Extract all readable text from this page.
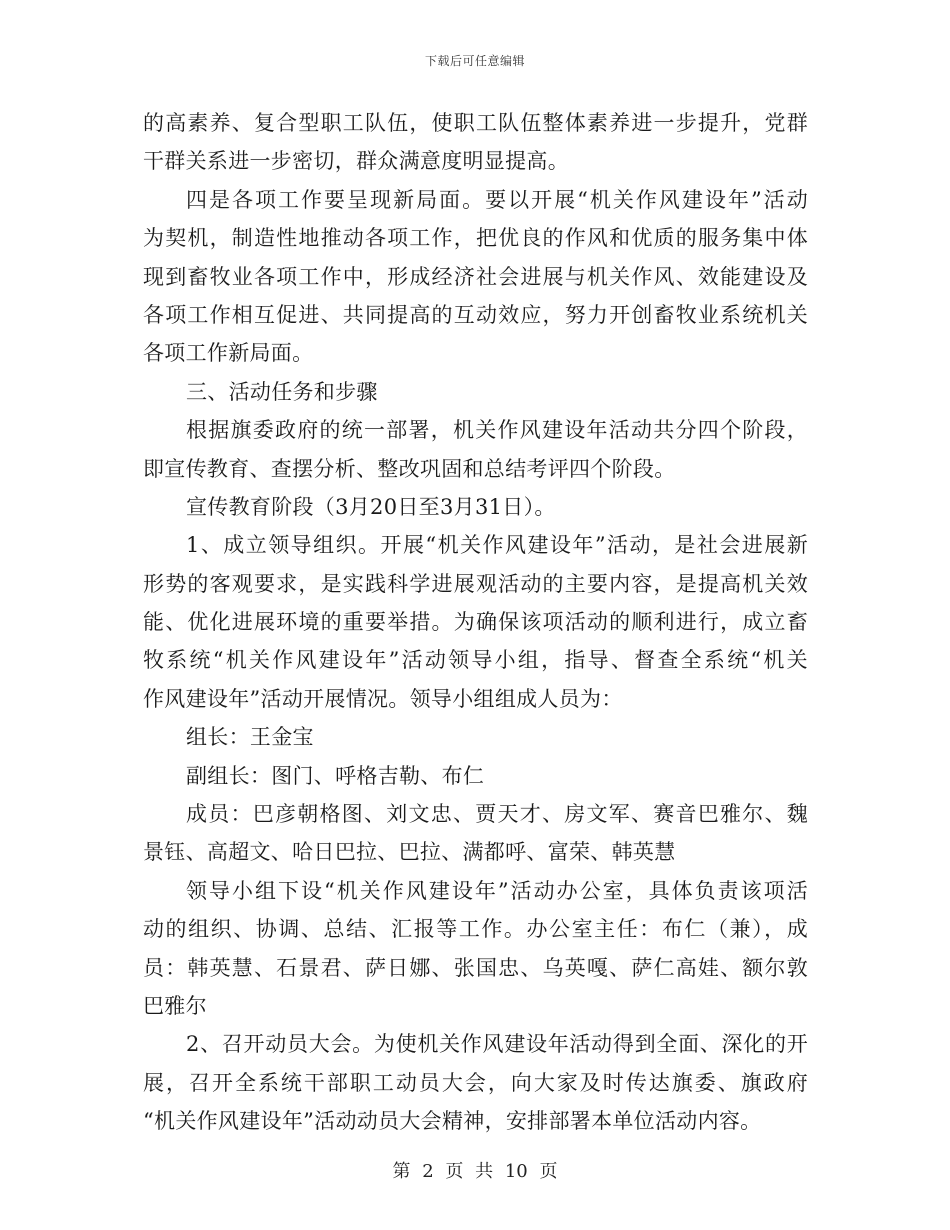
下载后可任意编辑
的高素养、复合型职工队伍，使职工队伍整体素养进一步提升，党群
干群关系进一步密切，群众满意度明显提高。
四是各项工作要呈现新局面。要以开展“机关作风建设年”活动
为契机，制造性地推动各项工作，把优良的作风和优质的服务集中体
现到畜牧业各项工作中，形成经济社会进展与机关作风、效能建设及
各项工作相互促进、共同提高的互动效应，努力开创畜牧业系统机关
各项工作新局面。
三、活动任务和步骤
根据旗委政府的统一部署，机关作风建设年活动共分四个阶段，
即宣传教育、查摆分析、整改巩固和总结考评四个阶段。
宣传教育阶段（3月20日至3月31日）。
1、成立领导组织。开展“机关作风建设年”活动，是社会进展新
形势的客观要求，是实践科学进展观活动的主要内容，是提高机关效
能、优化进展环境的重要举措。为确保该项活动的顺利进行，成立畜
牧系统“机关作风建设年”活动领导小组，指导、督查全系统“机关
作风建设年”活动开展情况。领导小组组成人员为：
组长：王金宝
副组长：图门、呼格吉勒、布仁
成员：巴彦朝格图、刘文忠、贾天才、房文军、赛音巴雅尔、魏
景钰、高超文、哈日巴拉、巴拉、满都呼、富荣、韩英慧
领导小组下设“机关作风建设年”活动办公室，具体负责该项活
动的组织、协调、总结、汇报等工作。办公室主任：布仁（兼），成
员：韩英慧、石景君、萨日娜、张国忠、乌英嘎、萨仁高娃、额尔敦
巴雅尔
2、召开动员大会。为使机关作风建设年活动得到全面、深化的开
展，召开全系统干部职工动员大会，向大家及时传达旗委、旗政府
“机关作风建设年”活动动员大会精神，安排部署本单位活动内容。
第 2 页 共 10 页
